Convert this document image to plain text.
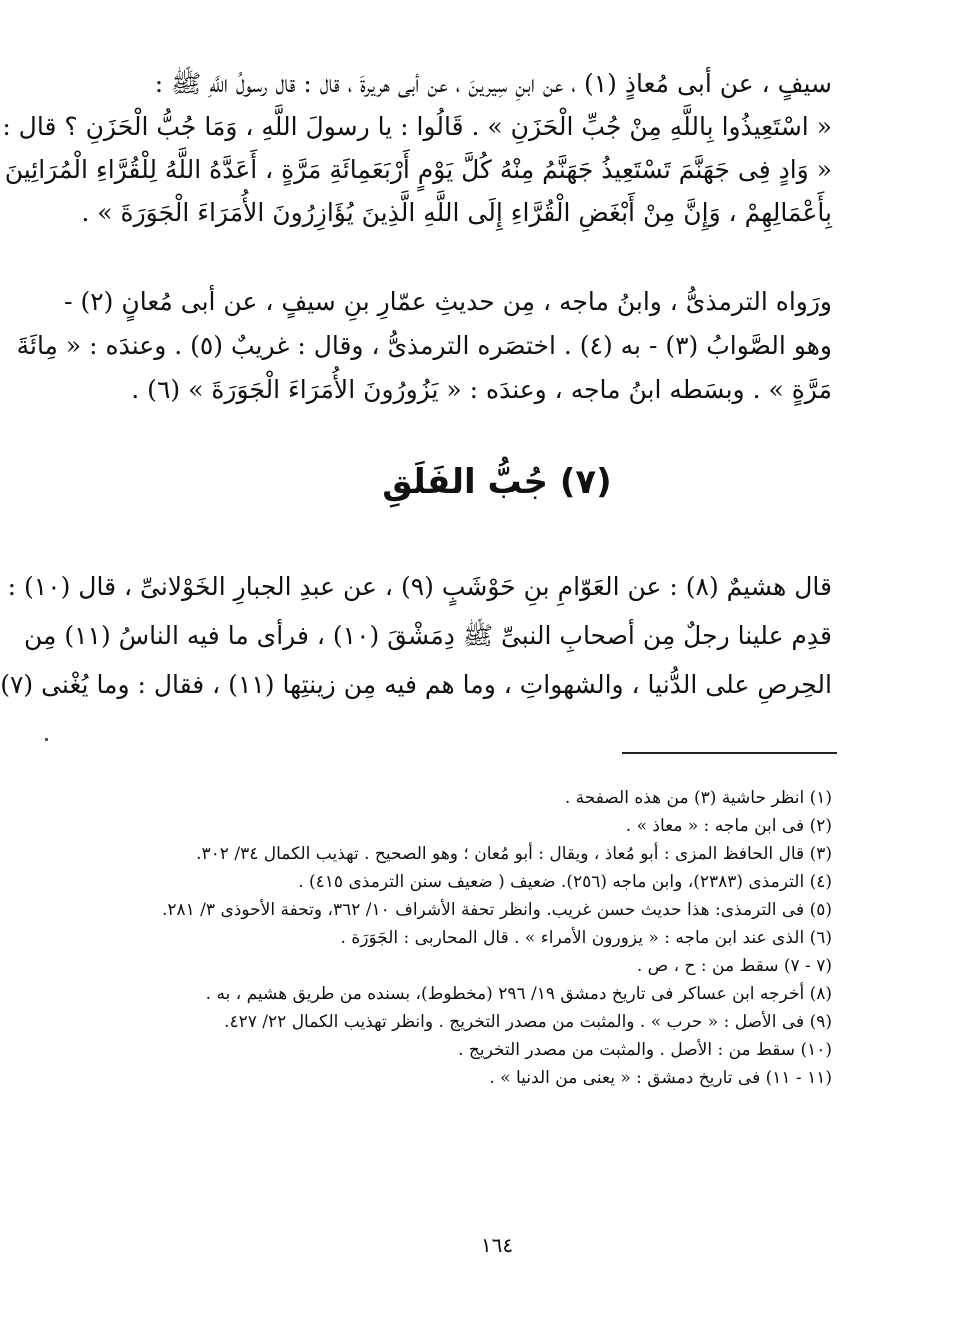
سيفٍ ، عن أبى مُعاذٍ (١) ، عن ابنِ سِيرينَ ، عن أبى هريرةَ ، قال : قال رسولُ اللَّهِ ﷺ :
« اسْتَعِيذُوا بِاللَّهِ مِنْ جُبِّ الْحَزَنِ » . قَالُوا : يا رسولَ اللَّهِ ، وَمَا جُبُّ الْحَزَنِ ؟ قال :
« وَادٍ فِى جَهَنَّمَ تَسْتَعِيذُ جَهَنَّمُ مِنْهُ كُلَّ يَوْمٍ أَرْبَعَمِائَةِ مَرَّةٍ ، أَعَدَّهُ اللَّهُ لِلْقُرَّاءِ الْمُرَائِينَ
بِأَعْمَالِهِمْ ، وَإِنَّ مِنْ أَبْغَضِ الْقُرَّاءِ إِلَى اللَّهِ الَّذِينَ يُؤَازِرُونَ الأُمَرَاءَ الْجَوَرَةَ » .
ورَواه الترمذىُّ ، وابنُ ماجه ، مِن حديثِ عمّارِ بنِ سيفٍ ، عن أبى مُعانٍ (٢) -
وهو الصَّوابُ (٣) - به (٤) . اختصَره الترمذىُّ ، وقال : غريبٌ (٥) . وعندَه : « مِائَةَ
مَرَّةٍ » . وبسَطه ابنُ ماجه ، وعندَه : « يَزُورُونَ الأُمَرَاءَ الْجَوَرَةَ » (٦) .
(٧) جُبُّ الفَلَقِ
قال هشيمٌ (٨) : عن العَوّامِ بنِ حَوْشَبٍ (٩) ، عن عبدِ الجبارِ الخَوْلانىِّ ، قال (١٠) :
قدِم علينا رجلٌ مِن أصحابِ النبىِّ ﷺ دِمَشْقَ (١٠) ، فرأى ما فيه الناسُ (١١) مِن
الحِرصِ على الدُّنيا ، والشهواتِ ، وما هم فيه مِن زينتِها (١١) ، فقال : وما يُغْنى (٧)
(١) انظر حاشية (٣) من هذه الصفحة .
(٢) فى ابن ماجه : « معاذ » .
(٣) قال الحافظ المزى : أبو مُعاذ ، ويقال : أبو مُعان ؛ وهو الصحيح . تهذيب الكمال ٣٤/ ٣٠٢.
(٤) الترمذى (٢٣٨٣)، وابن ماجه (٢٥٦). ضعيف ( ضعيف سنن الترمذى ٤١٥) .
(٥) فى الترمذى: هذا حديث حسن غريب. وانظر تحفة الأشراف ١٠/ ٣٦٢، وتحفة الأحوذى ٣/ ٢٨١.
(٦) الذى عند ابن ماجه : « يزورون الأمراء » . قال المحاربى : الجَوَرَة .
(٧ - ٧) سقط من : ح ، ص .
(٨) أخرجه ابن عساكر فى تاريخ دمشق ١٩/ ٢٩٦ (مخطوط)، بسنده من طريق هشيم ، به .
(٩) فى الأصل : « حرب » . والمثبت من مصدر التخريج . وانظر تهذيب الكمال ٢٢/ ٤٢٧.
(١٠) سقط من : الأصل . والمثبت من مصدر التخريج .
(١١ - ١١) فى تاريخ دمشق : « يعنى من الدنيا » .
١٦٤
